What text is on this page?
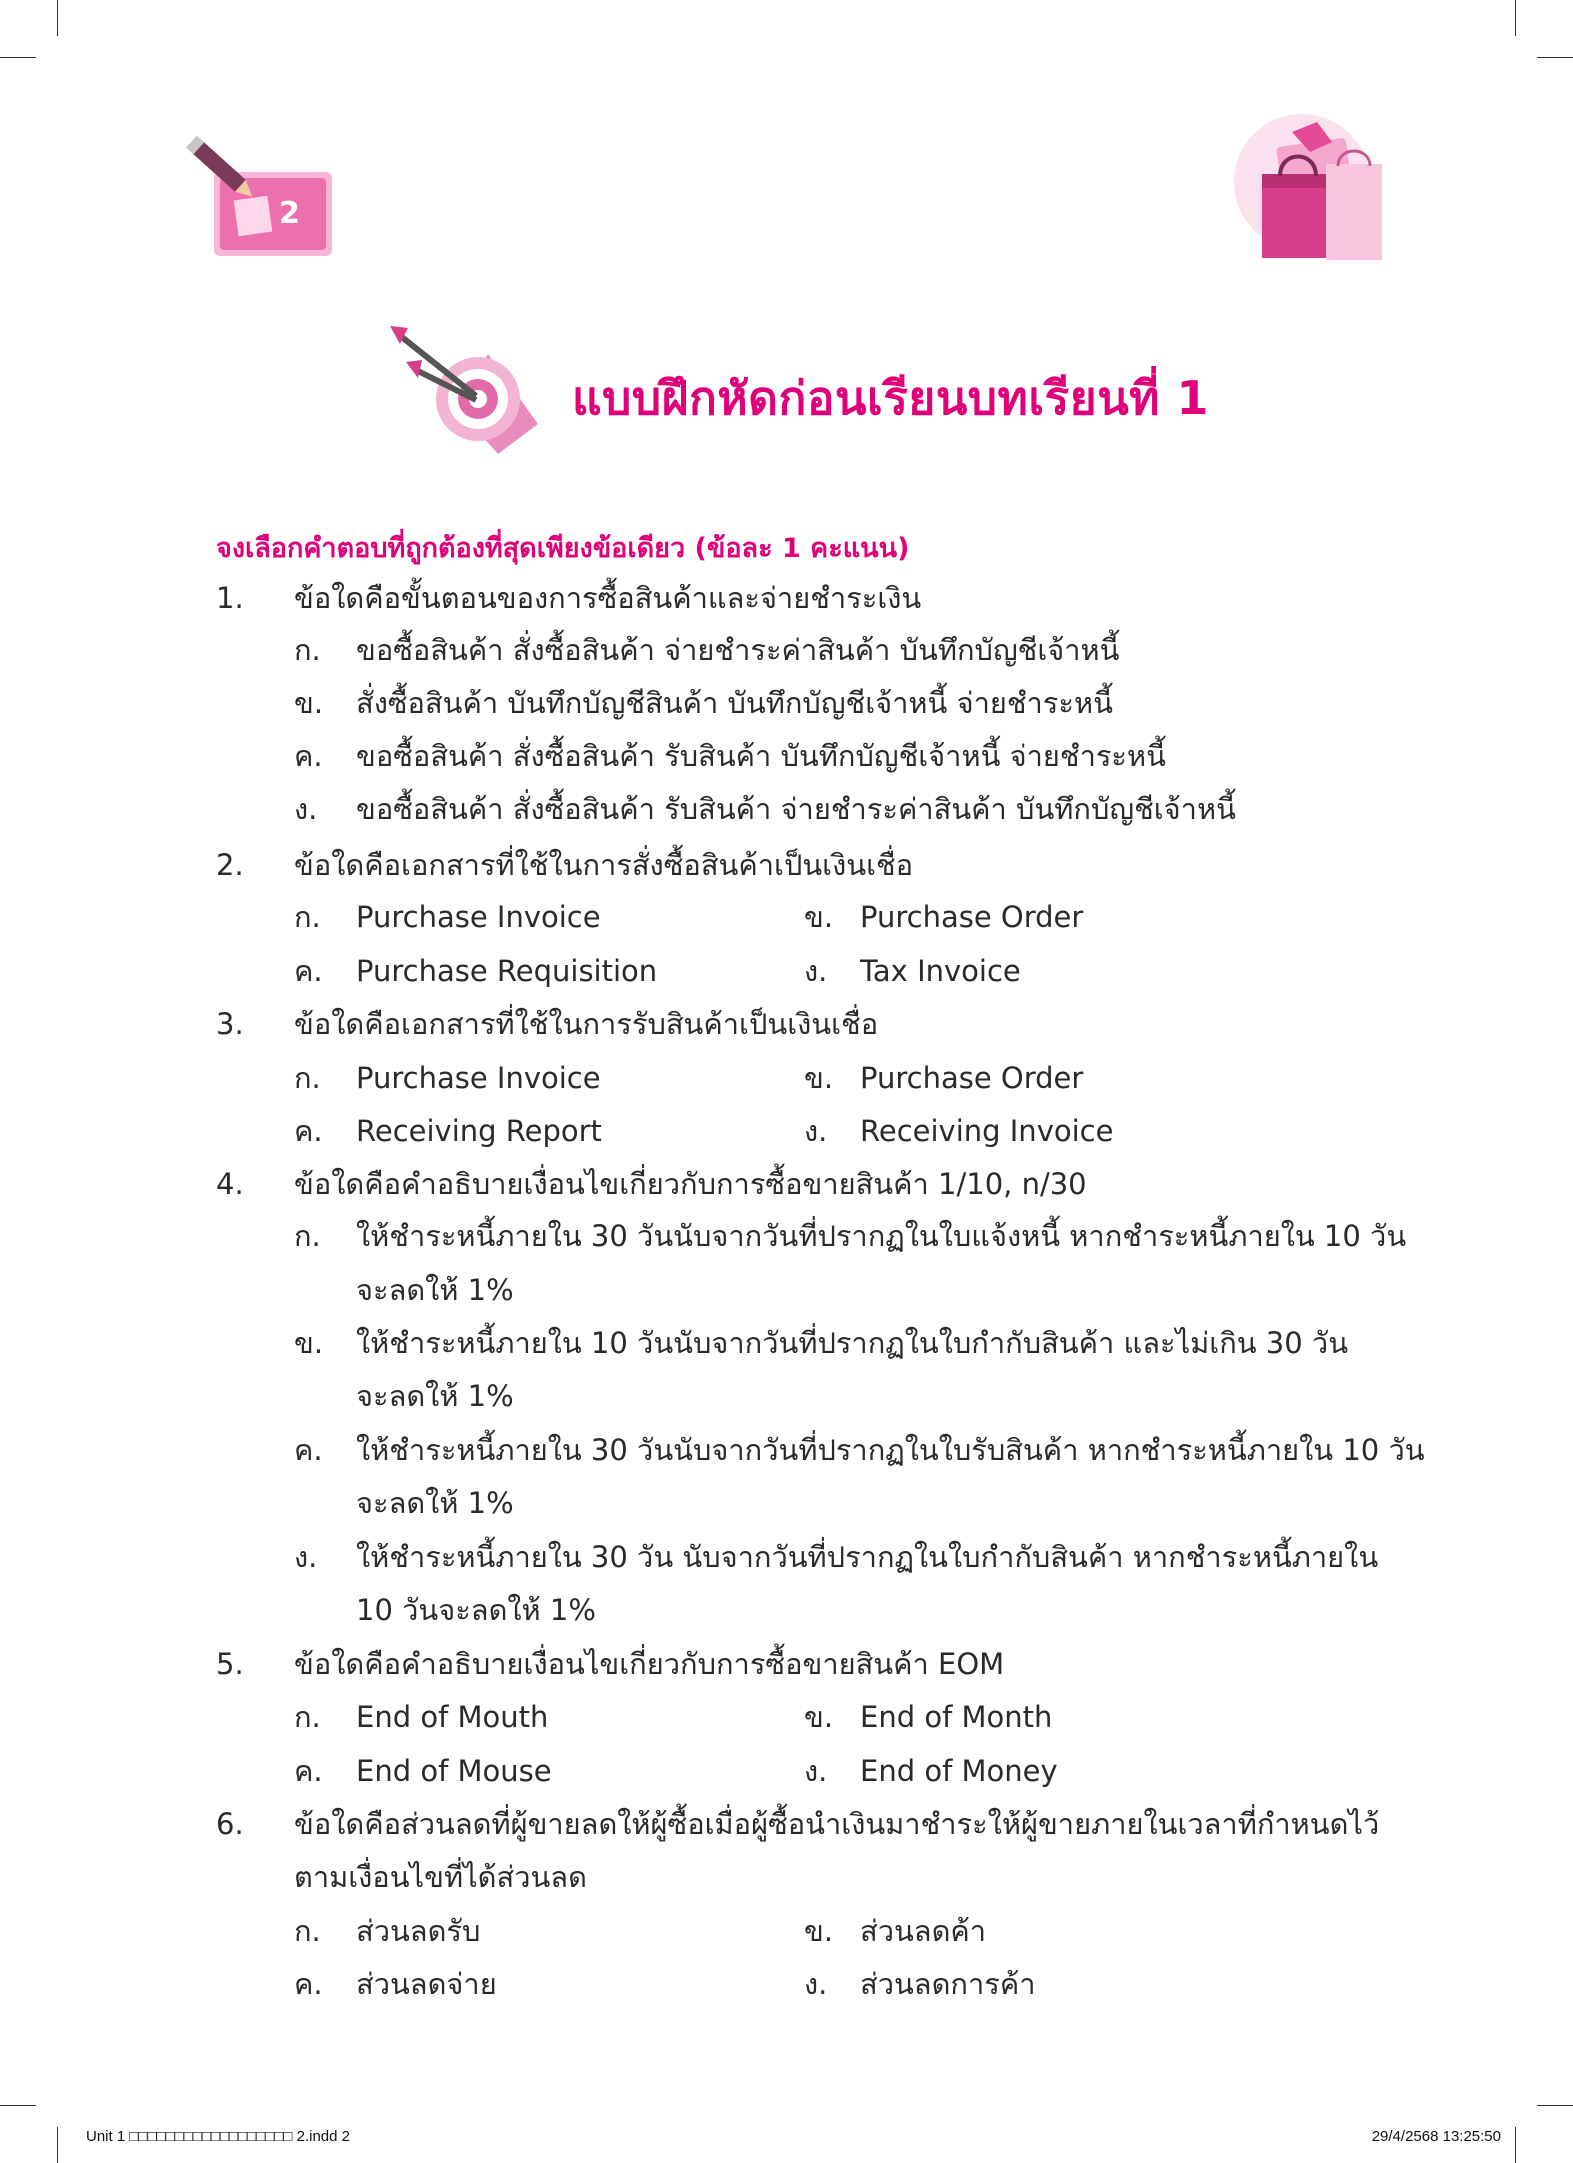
2
แบบฝึกหัดก่อนเรียนบทเรียนที่ 1
จงเลือกคำตอบที่ถูกต้องที่สุดเพียงข้อเดียว (ข้อละ 1 คะแนน)
1. ข้อใดคือขั้นตอนของการซื้อสินค้าและจ่ายชำระเงิน
ก. ขอซื้อสินค้า สั่งซื้อสินค้า จ่ายชำระค่าสินค้า บันทึกบัญชีเจ้าหนี้
ข. สั่งซื้อสินค้า บันทึกบัญชีสินค้า บันทึกบัญชีเจ้าหนี้ จ่ายชำระหนี้
ค. ขอซื้อสินค้า สั่งซื้อสินค้า รับสินค้า บันทึกบัญชีเจ้าหนี้ จ่ายชำระหนี้
ง. ขอซื้อสินค้า สั่งซื้อสินค้า รับสินค้า จ่ายชำระค่าสินค้า บันทึกบัญชีเจ้าหนี้
2. ข้อใดคือเอกสารที่ใช้ในการสั่งซื้อสินค้าเป็นเงินเชื่อ
ก. Purchase Invoice	ข. Purchase Order
ค. Purchase Requisition	ง. Tax Invoice
3. ข้อใดคือเอกสารที่ใช้ในการรับสินค้าเป็นเงินเชื่อ
ก. Purchase Invoice	ข. Purchase Order
ค. Receiving Report	ง. Receiving Invoice
4. ข้อใดคือคำอธิบายเงื่อนไขเกี่ยวกับการซื้อขายสินค้า 1/10, n/30
ก. ให้ชำระหนี้ภายใน 30 วันนับจากวันที่ปรากฏในใบแจ้งหนี้ หากชำระหนี้ภายใน 10 วัน
จะลดให้ 1%
ข. ให้ชำระหนี้ภายใน 10 วันนับจากวันที่ปรากฏในใบกำกับสินค้า และไม่เกิน 30 วัน
จะลดให้ 1%
ค. ให้ชำระหนี้ภายใน 30 วันนับจากวันที่ปรากฏในใบรับสินค้า หากชำระหนี้ภายใน 10 วัน
จะลดให้ 1%
ง. ให้ชำระหนี้ภายใน 30 วัน นับจากวันที่ปรากฏในใบกำกับสินค้า หากชำระหนี้ภายใน
10 วันจะลดให้ 1%
5. ข้อใดคือคำอธิบายเงื่อนไขเกี่ยวกับการซื้อขายสินค้า EOM
ก. End of Mouth	ข. End of Month
ค. End of Mouse	ง. End of Money
6. ข้อใดคือส่วนลดที่ผู้ขายลดให้ผู้ซื้อเมื่อผู้ซื้อนำเงินมาชำระให้ผู้ขายภายในเวลาที่กำหนดไว้
ตามเงื่อนไขที่ได้ส่วนลด
ก. ส่วนลดรับ	ข. ส่วนลดค้า
ค. ส่วนลดจ่าย	ง. ส่วนลดการค้า
Unit 1 □□□□□□□□□□□□□□□□□□ 2.indd 2	29/4/2568 13:25:50
